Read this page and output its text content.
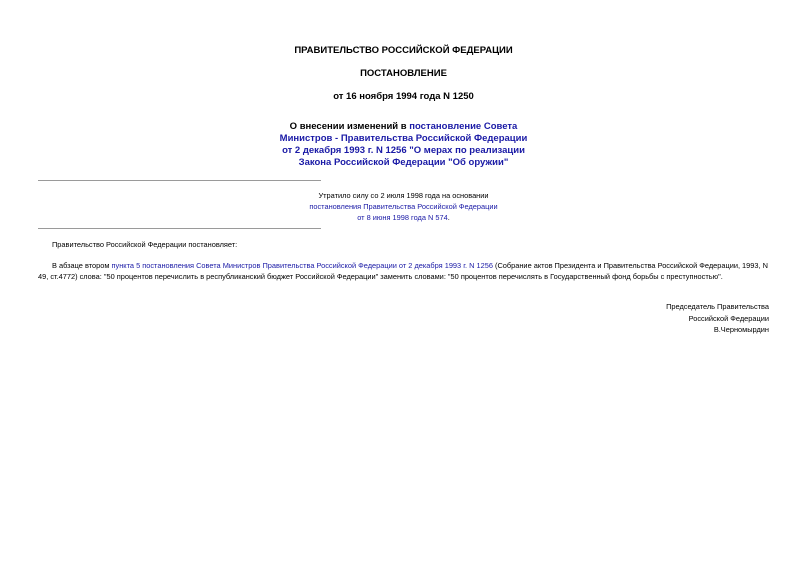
ПРАВИТЕЛЬСТВО РОССИЙСКОЙ ФЕДЕРАЦИИ
ПОСТАНОВЛЕНИЕ
от 16 ноября 1994 года N 1250
О внесении изменений в постановление Совета
Министров - Правительства Российской Федерации
от 2 декабря 1993 г. N 1256 "О мерах по реализации
Закона Российской Федерации "Об оружии"
Утратило силу со 2 июля 1998 года на основании
постановления Правительства Российской Федерации
от 8 июня 1998 года N 574.
Правительство Российской Федерации постановляет:
В абзаце втором пункта 5 постановления Совета Министров Правительства Российской Федерации от 2 декабря 1993 г. N 1256 (Собрание актов Президента и Правительства Российской Федерации, 1993, N 49, ст.4772) слова: "50 процентов перечислить в республиканский бюджет Российской Федерации" заменить словами: "50 процентов перечислять в Государственный фонд борьбы с преступностью".
Председатель Правительства
Российской Федерации
В.Черномырдин
